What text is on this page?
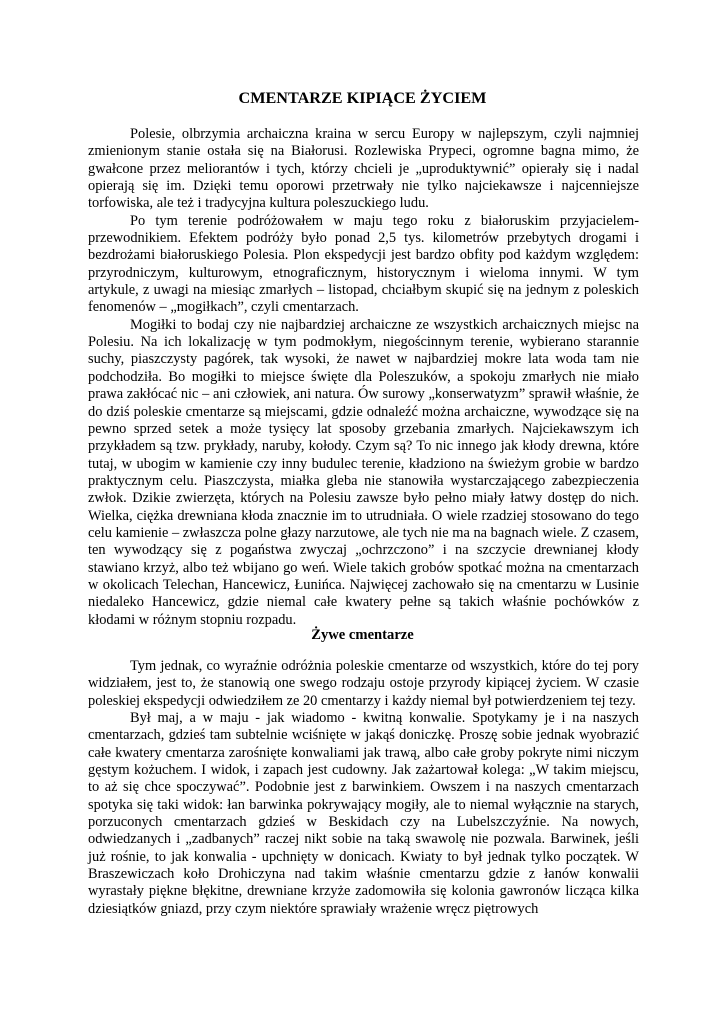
CMENTARZE KIPIĄCE ŻYCIEM

Polesie, olbrzymia archaiczna kraina w sercu Europy w najlepszym, czyli najmniej zmienionym stanie ostała się na Białorusi. Rozlewiska Prypeci, ogromne bagna mimo, że gwałcone przez meliorantów i tych, którzy chcieli je „uproduktywnić” opierały się i nadal opierają się im. Dzięki temu oporowi przetrwały nie tylko najciekawsze i najcenniejsze torfowiska, ale też i tradycyjna kultura poleszuckiego ludu.

Po tym terenie podróżowałem w maju tego roku z białoruskim przyjacielem-przewodnikiem. Efektem podróży było ponad 2,5 tys. kilometrów przebytych drogami i bezdrożami białoruskiego Polesia. Plon ekspedycji jest bardzo obfity pod każdym względem: przyrodniczym, kulturowym, etnograficznym, historycznym i wieloma innymi. W tym artykule, z uwagi na miesiąc zmarłych – listopad, chciałbym skupić się na jednym z poleskich fenomenów – „mogiłkach”, czyli cmentarzach.

Mogiłki to bodaj czy nie najbardziej archaiczne ze wszystkich archaicznych miejsc na Polesiu. Na ich lokalizację w tym podmokłym, niegościnnym terenie, wybierano starannie suchy, piaszczysty pagórek, tak wysoki, że nawet w najbardziej mokre lata woda tam nie podchodziła. Bo mogiłki to miejsce święte dla Poleszuków, a spokoju zmarłych nie miało prawa zakłócać nic – ani człowiek, ani natura. Ów surowy „konserwatyzm” sprawił właśnie, że do dziś poleskie cmentarze są miejscami, gdzie odnaleźć można archaiczne, wywodzące się na pewno sprzed setek a może tysięcy lat sposoby grzebania zmarłych. Najciekawszym ich przykładem są tzw. prykłady, naruby, kołody. Czym są? To nic innego jak kłody drewna, które tutaj, w ubogim w kamienie czy inny budulec terenie, kładziono na świeżym grobie w bardzo praktycznym celu. Piaszczysta, miałka gleba nie stanowiła wystarczającego zabezpieczenia zwłok. Dzikie zwierzęta, których na Polesiu zawsze było pełno miały łatwy dostęp do nich. Wielka, ciężka drewniana kłoda znacznie im to utrudniała. O wiele rzadziej stosowano do tego celu kamienie – zwłaszcza polne głazy narzutowe, ale tych nie ma na bagnach wiele. Z czasem, ten wywodzący się z pogaństwa zwyczaj „ochrzczono” i na szczycie drewnianej kłody stawiano krzyż, albo też wbijano go weń. Wiele takich grobów spotkać można na cmentarzach w okolicach Telechan, Hancewicz, Łunińca. Najwięcej zachowało się na cmentarzu w Lusinie niedaleko Hancewicz, gdzie niemal całe kwatery pełne są takich właśnie pochówków z kłodami w różnym stopniu rozpadu.

Żywe cmentarze

Tym jednak, co wyraźnie odróżnia poleskie cmentarze od wszystkich, które do tej pory widziałem, jest to, że stanowią one swego rodzaju ostoje przyrody kipiącej życiem. W czasie poleskiej ekspedycji odwiedziłem ze 20 cmentarzy i każdy niemal był potwierdzeniem tej tezy.

Był maj, a w maju - jak wiadomo - kwitną konwalie. Spotykamy je i na naszych cmentarzach, gdzieś tam subtelnie wciśnięte w jakąś doniczkę. Proszę sobie jednak wyobrazić całe kwatery cmentarza zarośnięte konwaliami jak trawą, albo całe groby pokryte nimi niczym gęstym kożuchem. I widok, i zapach jest cudowny. Jak zażartował kolega: „W takim miejscu, to aż się chce spoczywać”. Podobnie jest z barwinkiem. Owszem i na naszych cmentarzach spotyka się taki widok: łan barwinka pokrywający mogiły, ale to niemal wyłącznie na starych, porzuconych cmentarzach gdzieś w Beskidach czy na Lubelszczyźnie. Na nowych, odwiedzanych i „zadbanych” raczej nikt sobie na taką swawolę nie pozwala. Barwinek, jeśli już rośnie, to jak konwalia - upchnięty w donicach. Kwiaty to był jednak tylko początek. W Braszewiczach koło Drohiczyna nad takim właśnie cmentarzu gdzie z łanów konwalii wyrastały piękne błękitne, drewniane krzyże zadomowiła się kolonia gawronów licząca kilka dziesiątków gniazd, przy czym niektóre sprawiały wrażenie wręcz piętrowych
